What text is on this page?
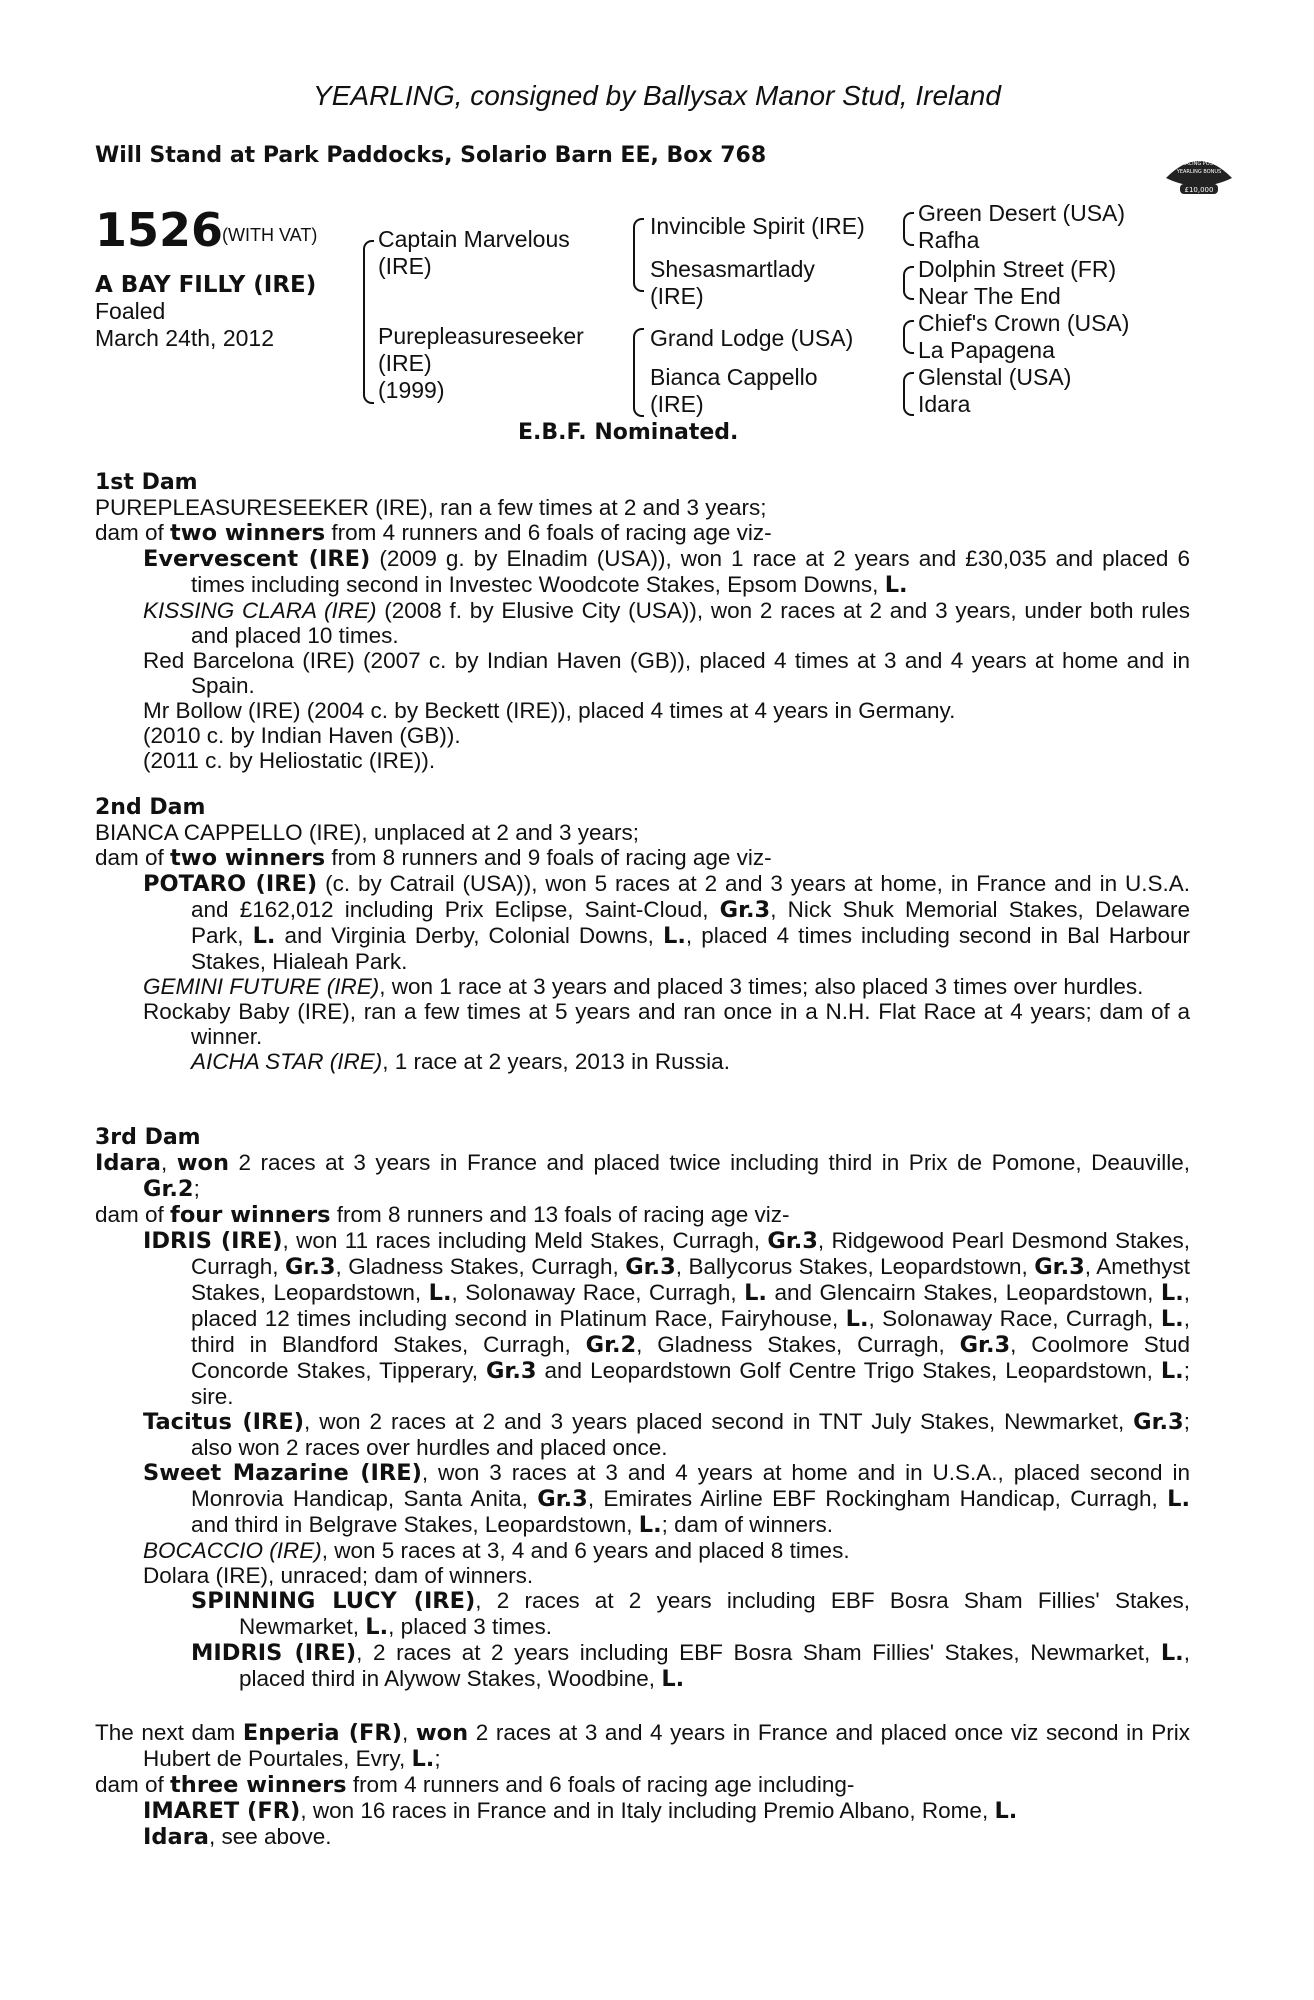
YEARLING, consigned by Ballysax Manor Stud, Ireland
Will Stand at Park Paddocks, Solario Barn EE, Box 768	RACING POST
YEARLING BONUS
£10,000
1526
(WITH VAT)
A BAY FILLY (IRE)
Foaled
March 24th, 2012
Captain Marvelous
(IRE)
Purepleasureseeker
(IRE)
(1999)
Invincible Spirit (IRE)
Shesasmartlady
(IRE)
Grand Lodge (USA)
Bianca Cappello
(IRE)
Green Desert (USA)
Rafha
Dolphin Street (FR)
Near The End
Chief's Crown (USA)
La Papagena
Glenstal (USA)
Idara
E.B.F. Nominated.

1st Dam

PUREPLEASURESEEKER (IRE), ran a few times at 2 and 3 years;

dam of two winners from 4 runners and 6 foals of racing age viz-

Evervescent (IRE) (2009 g. by Elnadim (USA)), won 1 race at 2 years and £30,035 and placed 6 times including second in Investec Woodcote Stakes, Epsom Downs, L.

KISSING CLARA (IRE) (2008 f. by Elusive City (USA)), won 2 races at 2 and 3 years, under both rules and placed 10 times.

Red Barcelona (IRE) (2007 c. by Indian Haven (GB)), placed 4 times at 3 and 4 years at home and in Spain.

Mr Bollow (IRE) (2004 c. by Beckett (IRE)), placed 4 times at 4 years in Germany.

(2010 c. by Indian Haven (GB)).

(2011 c. by Heliostatic (IRE)).

2nd Dam

BIANCA CAPPELLO (IRE), unplaced at 2 and 3 years;

dam of two winners from 8 runners and 9 foals of racing age viz-

POTARO (IRE) (c. by Catrail (USA)), won 5 races at 2 and 3 years at home, in France and in U.S.A. and £162,012 including Prix Eclipse, Saint-Cloud, Gr.3, Nick Shuk Memorial Stakes, Delaware Park, L. and Virginia Derby, Colonial Downs, L., placed 4 times including second in Bal Harbour Stakes, Hialeah Park.

GEMINI FUTURE (IRE), won 1 race at 3 years and placed 3 times; also placed 3 times over hurdles.

Rockaby Baby (IRE), ran a few times at 5 years and ran once in a N.H. Flat Race at 4 years; dam of a winner.

AICHA STAR (IRE), 1 race at 2 years, 2013 in Russia.

3rd Dam

Idara, won 2 races at 3 years in France and placed twice including third in Prix de Pomone, Deauville, Gr.2;

dam of four winners from 8 runners and 13 foals of racing age viz-

IDRIS (IRE), won 11 races including Meld Stakes, Curragh, Gr.3, Ridgewood Pearl Desmond Stakes, Curragh, Gr.3, Gladness Stakes, Curragh, Gr.3, Ballycorus Stakes, Leopardstown, Gr.3, Amethyst Stakes, Leopardstown, L., Solonaway Race, Curragh, L. and Glencairn Stakes, Leopardstown, L., placed 12 times including second in Platinum Race, Fairyhouse, L., Solonaway Race, Curragh, L., third in Blandford Stakes, Curragh, Gr.2, Gladness Stakes, Curragh, Gr.3, Coolmore Stud Concorde Stakes, Tipperary, Gr.3 and Leopardstown Golf Centre Trigo Stakes, Leopardstown, L.; sire.

Tacitus (IRE), won 2 races at 2 and 3 years placed second in TNT July Stakes, Newmarket, Gr.3; also won 2 races over hurdles and placed once.

Sweet Mazarine (IRE), won 3 races at 3 and 4 years at home and in U.S.A., placed second in Monrovia Handicap, Santa Anita, Gr.3, Emirates Airline EBF Rockingham Handicap, Curragh, L. and third in Belgrave Stakes, Leopardstown, L.; dam of winners.

BOCACCIO (IRE), won 5 races at 3, 4 and 6 years and placed 8 times.

Dolara (IRE), unraced; dam of winners.

SPINNING LUCY (IRE), 2 races at 2 years including EBF Bosra Sham Fillies' Stakes, Newmarket, L., placed 3 times.

MIDRIS (IRE), 2 races at 2 years including EBF Bosra Sham Fillies' Stakes, Newmarket, L., placed third in Alywow Stakes, Woodbine, L.

The next dam Enperia (FR), won 2 races at 3 and 4 years in France and placed once viz second in Prix Hubert de Pourtales, Evry, L.;

dam of three winners from 4 runners and 6 foals of racing age including-

IMARET (FR), won 16 races in France and in Italy including Premio Albano, Rome, L.

Idara, see above.
